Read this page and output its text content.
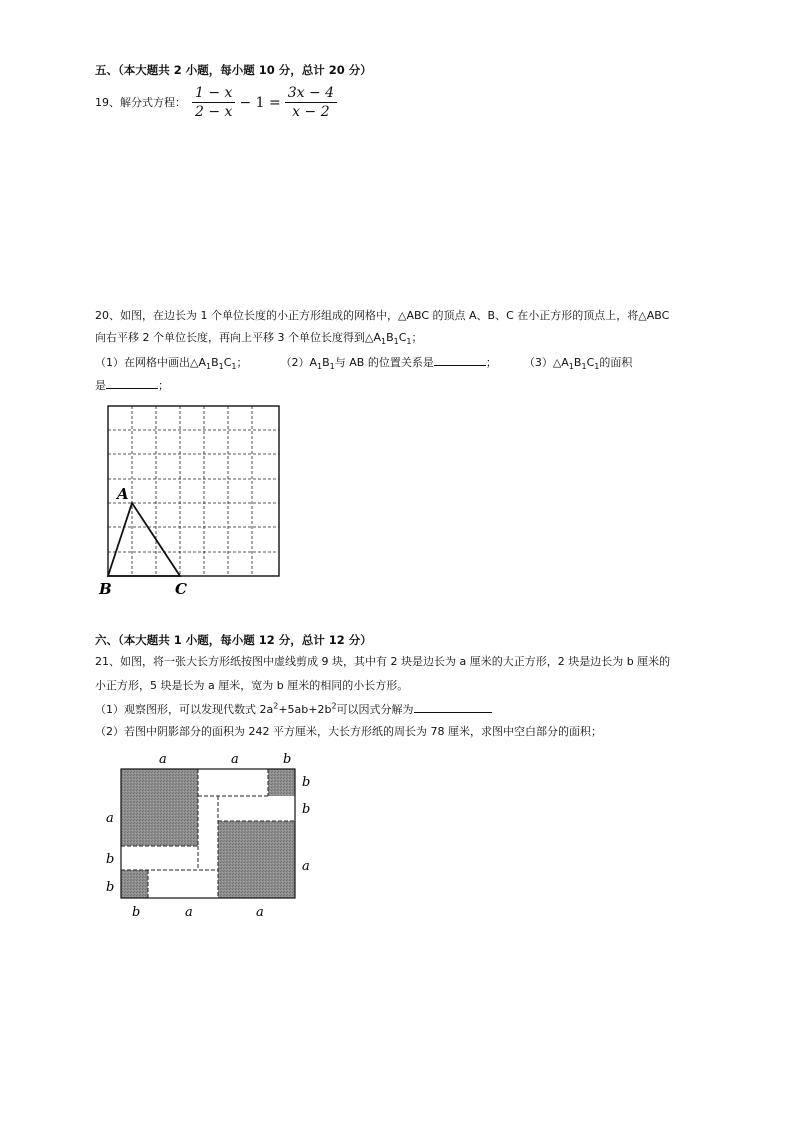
五、（本大题共 2 小题，每小题 10 分，总计 20 分）
19、解分式方程： $\frac{1 - x}{2 - x} - 1 = \frac{3x - 4}{x - 2}$
20、如图，在边长为 1 个单位长度的小正方形组成的网格中，△ABC 的顶点 A、B、C 在小正方形的顶点上，将△ABC
向右平移 2 个单位长度，再向上平移 3 个单位长度得到$\triangle A_1B_1C_1$；
（1）在网格中画出$\triangle A_1B_1C_1$；	$(2)A_1B_1$与 AB 的位置关系是	； $(3)\triangle A_1B_1C_1$的面积
是	；
A
B	C
六、（本大题共 1 小题，每小题 12 分，总计 12 分）
21、如图，将一张大长方形纸按图中虚线剪成 9 块，其中有 2 块是边长为 a 厘米的大正方形，2 块是边长为 b 厘米的
小正方形，5 块是长为 a 厘米，宽为 b 厘米的相同的小长方形。
（1）观察图形，可以发现代数式 $2a^2+5ab+2b^2$可以因式分解为
（2）若图中阴影部分的面积为 242 平方厘米，大长方形纸的周长为 78 厘米，求图中空白部分的面积；
a	a	b
b
b
a
a
b
b
b	a	a
